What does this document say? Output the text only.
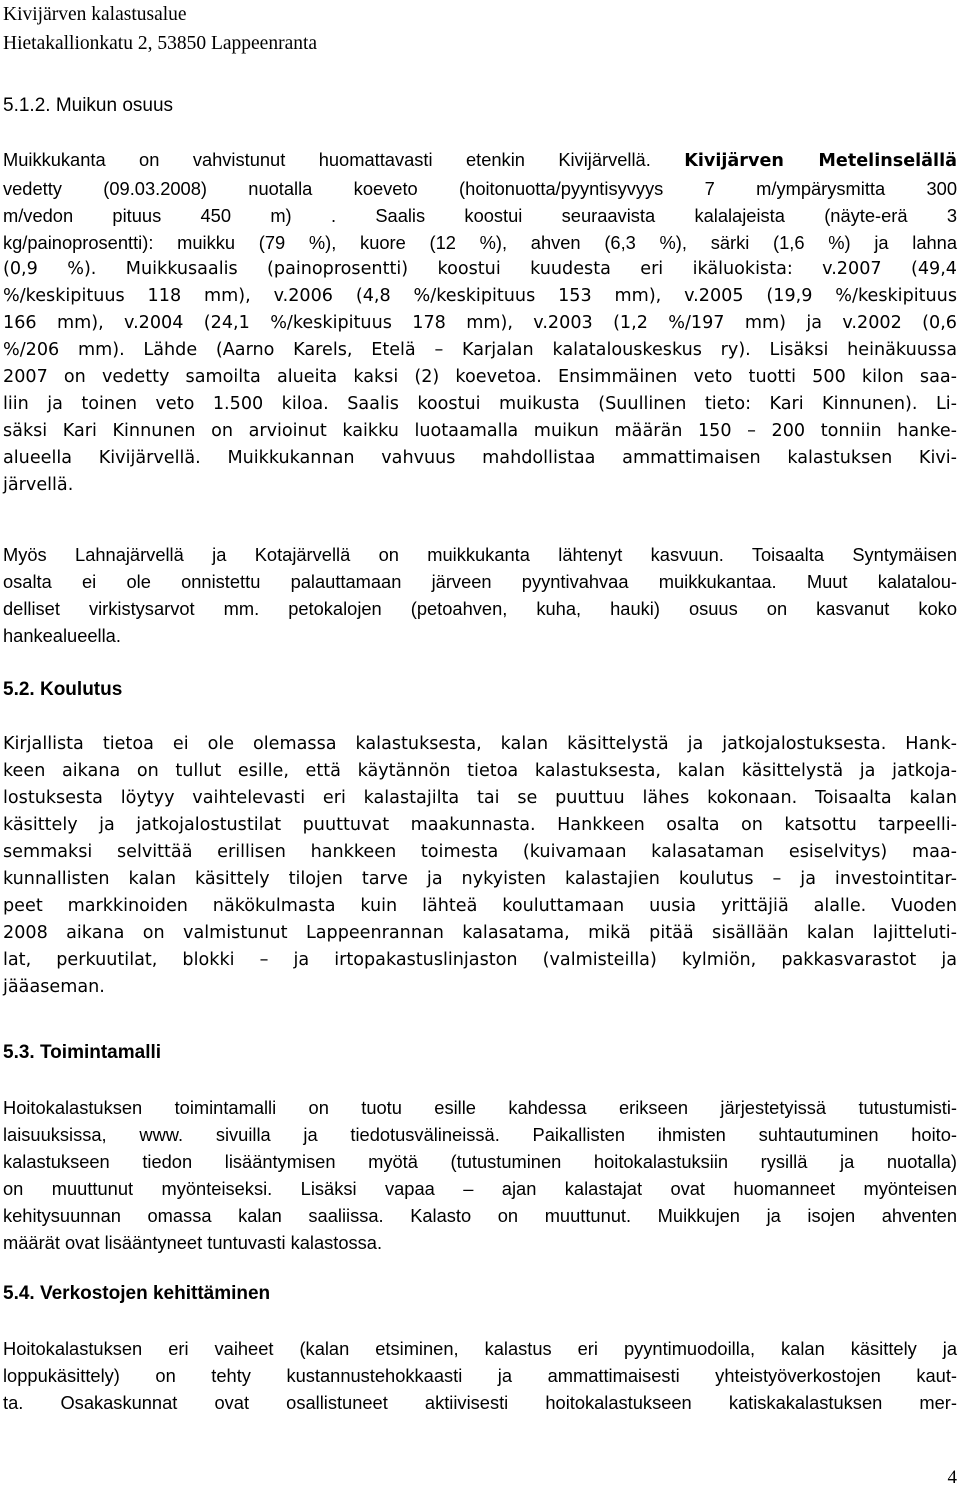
Kivijärven kalastusalue
Hietakallionkatu 2, 53850 Lappeenranta
5.1.2. Muikun osuus
Muikkukanta on vahvistunut huomattavasti etenkin Kivijärvellä. Kivijärven Metelinselällä
vedetty (09.03.2008) nuotalla koeveto (hoitonuotta/pyyntisyvyys 7 m/ympärysmitta 300
m/vedon pituus 450 m) . Saalis koostui seuraavista kalalajeista (näyte-erä 3
kg/painoprosentti): muikku (79 %), kuore (12 %), ahven (6,3 %), särki (1,6 %) ja lahna
(0,9 %). Muikkusaalis (painoprosentti) koostui kuudesta eri ikäluokista: v.2007 (49,4
%/keskipituus 118 mm), v.2006 (4,8 %/keskipituus 153 mm), v.2005 (19,9 %/keskipituus
166 mm), v.2004 (24,1 %/keskipituus 178 mm), v.2003 (1,2 %/197 mm) ja v.2002 (0,6
%/206 mm). Lähde (Aarno Karels, Etelä – Karjalan kalatalouskeskus ry). Lisäksi heinäkuussa
2007 on vedetty samoilta alueita kaksi (2) koevetoa. Ensimmäinen veto tuotti 500 kilon saa-
liin ja toinen veto 1.500 kiloa. Saalis koostui muikusta (Suullinen tieto: Kari Kinnunen). Li-
säksi Kari Kinnunen on arvioinut kaikku luotaamalla muikun määrän 150 – 200 tonniin hanke-
alueella Kivijärvellä. Muikkukannan vahvuus mahdollistaa ammattimaisen kalastuksen Kivi-
järvellä.
Myös Lahnajärvellä ja Kotajärvellä on muikkukanta lähtenyt kasvuun. Toisaalta Syntymäisen
osalta ei ole onnistettu palauttamaan järveen pyyntivahvaa muikkukantaa. Muut kalatalou-
delliset virkistysarvot mm. petokalojen (petoahven, kuha, hauki) osuus on kasvanut koko
hankealueella.
5.2. Koulutus
Kirjallista tietoa ei ole olemassa kalastuksesta, kalan käsittelystä ja jatkojalostuksesta. Hank-
keen aikana on tullut esille, että käytännön tietoa kalastuksesta, kalan käsittelystä ja jatkoja-
lostuksesta löytyy vaihtelevasti eri kalastajilta tai se puuttuu lähes kokonaan. Toisaalta kalan
käsittely ja jatkojalostustilat puuttuvat maakunnasta. Hankkeen osalta on katsottu tarpeelli-
semmaksi selvittää erillisen hankkeen toimesta (kuivamaan kalasataman esiselvitys) maa-
kunnallisten kalan käsittely tilojen tarve ja nykyisten kalastajien koulutus – ja investointitar-
peet markkinoiden näkökulmasta kuin lähteä kouluttamaan uusia yrittäjiä alalle. Vuoden
2008 aikana on valmistunut Lappeenrannan kalasatama, mikä pitää sisällään kalan lajitteluti-
lat, perkuutilat, blokki – ja irtopakastuslinjaston (valmisteilla) kylmiön, pakkasvarastot ja
jääaseman.
5.3. Toimintamalli
Hoitokalastuksen toimintamalli on tuotu esille kahdessa erikseen järjestetyissä tutustumisti-
laisuuksissa, www. sivuilla ja tiedotusvälineissä. Paikallisten ihmisten suhtautuminen hoito-
kalastukseen tiedon lisääntymisen myötä (tutustuminen hoitokalastuksiin rysillä ja nuotalla)
on muuttunut myönteiseksi. Lisäksi vapaa – ajan kalastajat ovat huomanneet myönteisen
kehitysuunnan omassa kalan saaliissa. Kalasto on muuttunut. Muikkujen ja isojen ahventen
määrät ovat lisääntyneet tuntuvasti kalastossa.
5.4. Verkostojen kehittäminen
Hoitokalastuksen eri vaiheet (kalan etsiminen, kalastus eri pyyntimuodoilla, kalan käsittely ja
loppukäsittely) on tehty kustannustehokkaasti ja ammattimaisesti yhteistyöverkostojen kaut-
ta. Osakaskunnat ovat osallistuneet aktiivisesti hoitokalastukseen katiskakalastuksen mer-
4
